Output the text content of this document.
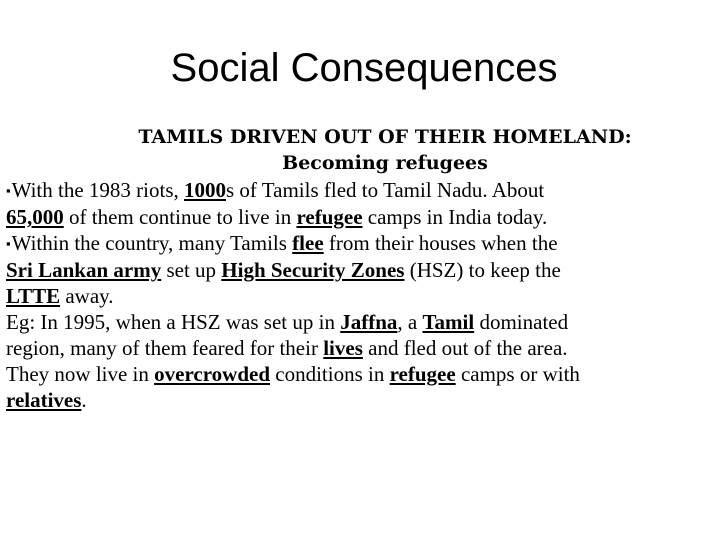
Social Consequences
TAMILS DRIVEN OUT OF THEIR HOMELAND:
Becoming refugees
▪With the 1983 riots, 1000s of Tamils fled to Tamil Nadu. About
65,000 of them continue to live in refugee camps in India today.
▪Within the country, many Tamils flee from their houses when the
Sri Lankan army set up High Security Zones (HSZ) to keep the
LTTE away.
Eg: In 1995, when a HSZ was set up in Jaffna, a Tamil dominated
region, many of them feared for their lives and fled out of the area.
They now live in overcrowded conditions in refugee camps or with
relatives.
